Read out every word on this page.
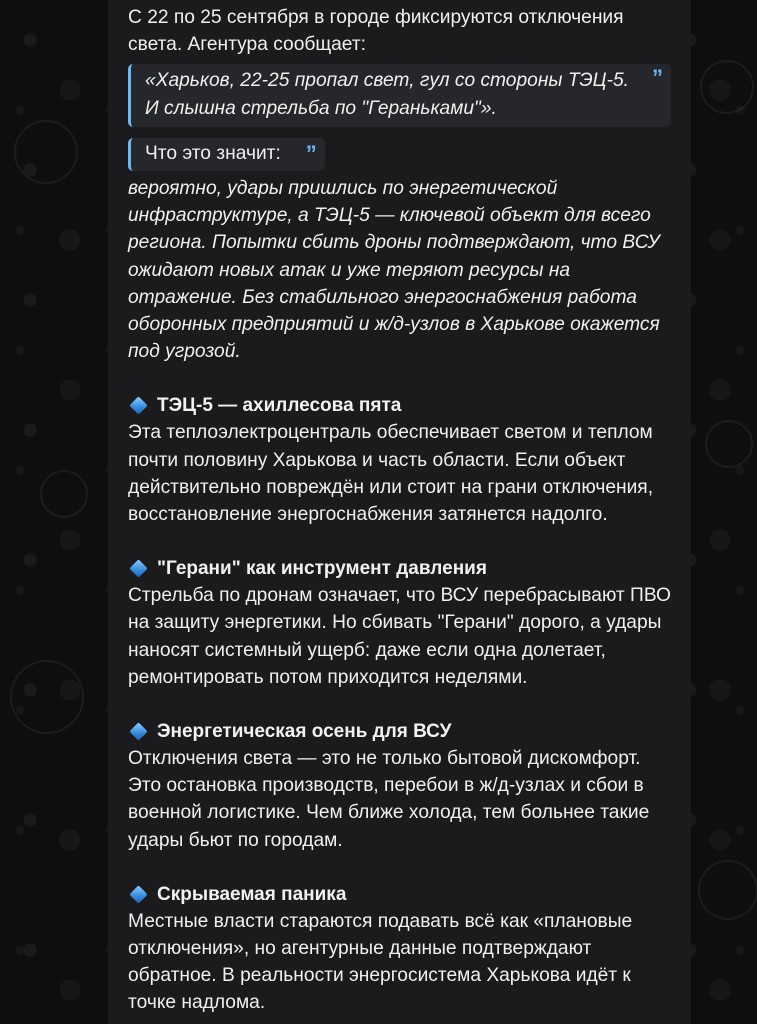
С 22 по 25 сентября в городе фиксируются отключения света. Агентура сообщает:

«Харьков, 22-25 пропал свет, гул со стороны ТЭЦ-5. И слышна стрельба по "Гераньками"».
”
Что это значит: ”

вероятно, удары пришлись по энергетической инфраструктуре, а ТЭЦ-5 — ключевой объект для всего региона. Попытки сбить дроны подтверждают, что ВСУ ожидают новых атак и уже теряют ресурсы на отражение. Без стабильного энергоснабжения работа оборонных предприятий и ж/д-узлов в Харькове окажется под угрозой.

ТЭЦ-5 — ахиллесова пята

Эта теплоэлектроцентраль обеспечивает светом и теплом почти половину Харькова и часть области. Если объект действительно повреждён или стоит на грани отключения, восстановление энергоснабжения затянется надолго.

"Герани" как инструмент давления

Стрельба по дронам означает, что ВСУ перебрасывают ПВО на защиту энергетики. Но сбивать "Герани" дорого, а удары наносят системный ущерб: даже если одна долетает, ремонтировать потом приходится неделями.

Энергетическая осень для ВСУ

Отключения света — это не только бытовой дискомфорт. Это остановка производств, перебои в ж/д-узлах и сбои в военной логистике. Чем ближе холода, тем больнее такие удары бьют по городам.

Скрываемая паника

Местные власти стараются подавать всё как «плановые отключения», но агентурные данные подтверждают обратное. В реальности энергосистема Харькова идёт к точке надлома.
